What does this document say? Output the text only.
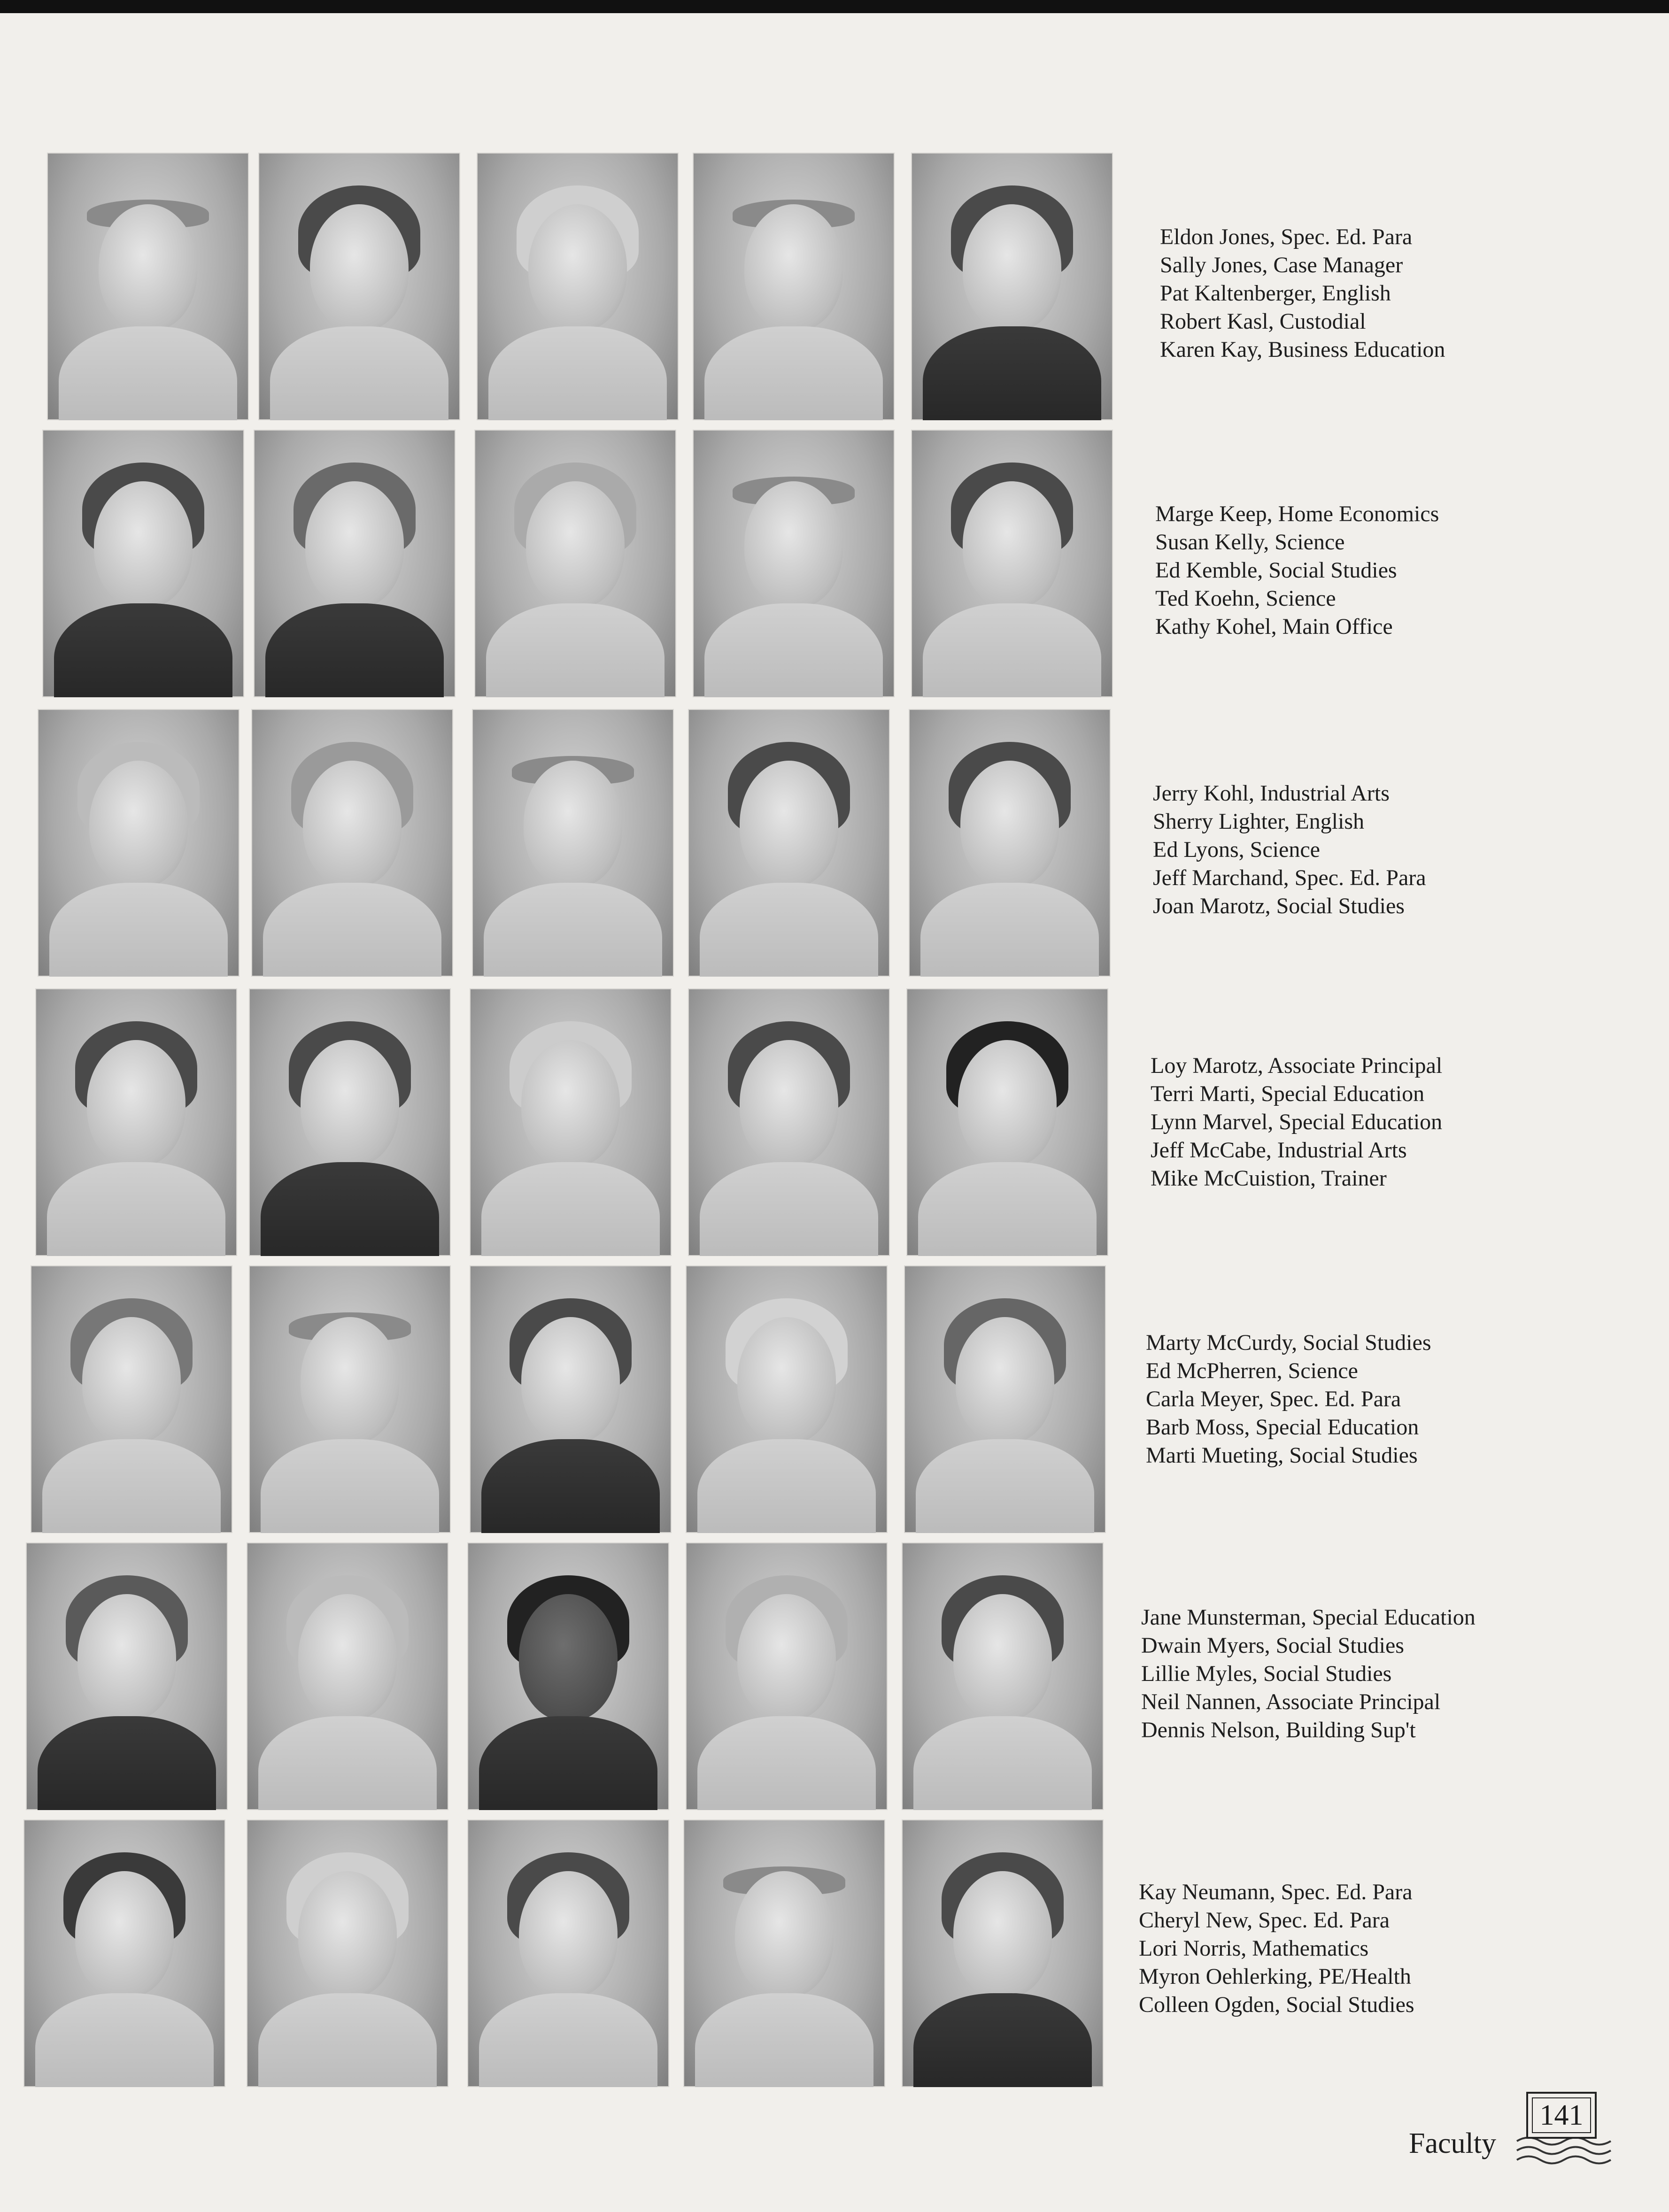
Eldon Jones, Spec. Ed. Para
Sally Jones, Case Manager
Pat Kaltenberger, English
Robert Kasl, Custodial
Karen Kay, Business Education
Marge Keep, Home Economics
Susan Kelly, Science
Ed Kemble, Social Studies
Ted Koehn, Science
Kathy Kohel, Main Office
Jerry Kohl, Industrial Arts
Sherry Lighter, English
Ed Lyons, Science
Jeff Marchand, Spec. Ed. Para
Joan Marotz, Social Studies
Loy Marotz, Associate Principal
Terri Marti, Special Education
Lynn Marvel, Special Education
Jeff McCabe, Industrial Arts
Mike McCuistion, Trainer
Marty McCurdy, Social Studies
Ed McPherren, Science
Carla Meyer, Spec. Ed. Para
Barb Moss, Special Education
Marti Mueting, Social Studies
Jane Munsterman, Special Education
Dwain Myers, Social Studies
Lillie Myles, Social Studies
Neil Nannen, Associate Principal
Dennis Nelson, Building Sup't
Kay Neumann, Spec. Ed. Para
Cheryl New, Spec. Ed. Para
Lori Norris, Mathematics
Myron Oehlerking, PE/Health
Colleen Ogden, Social Studies
Faculty
141
